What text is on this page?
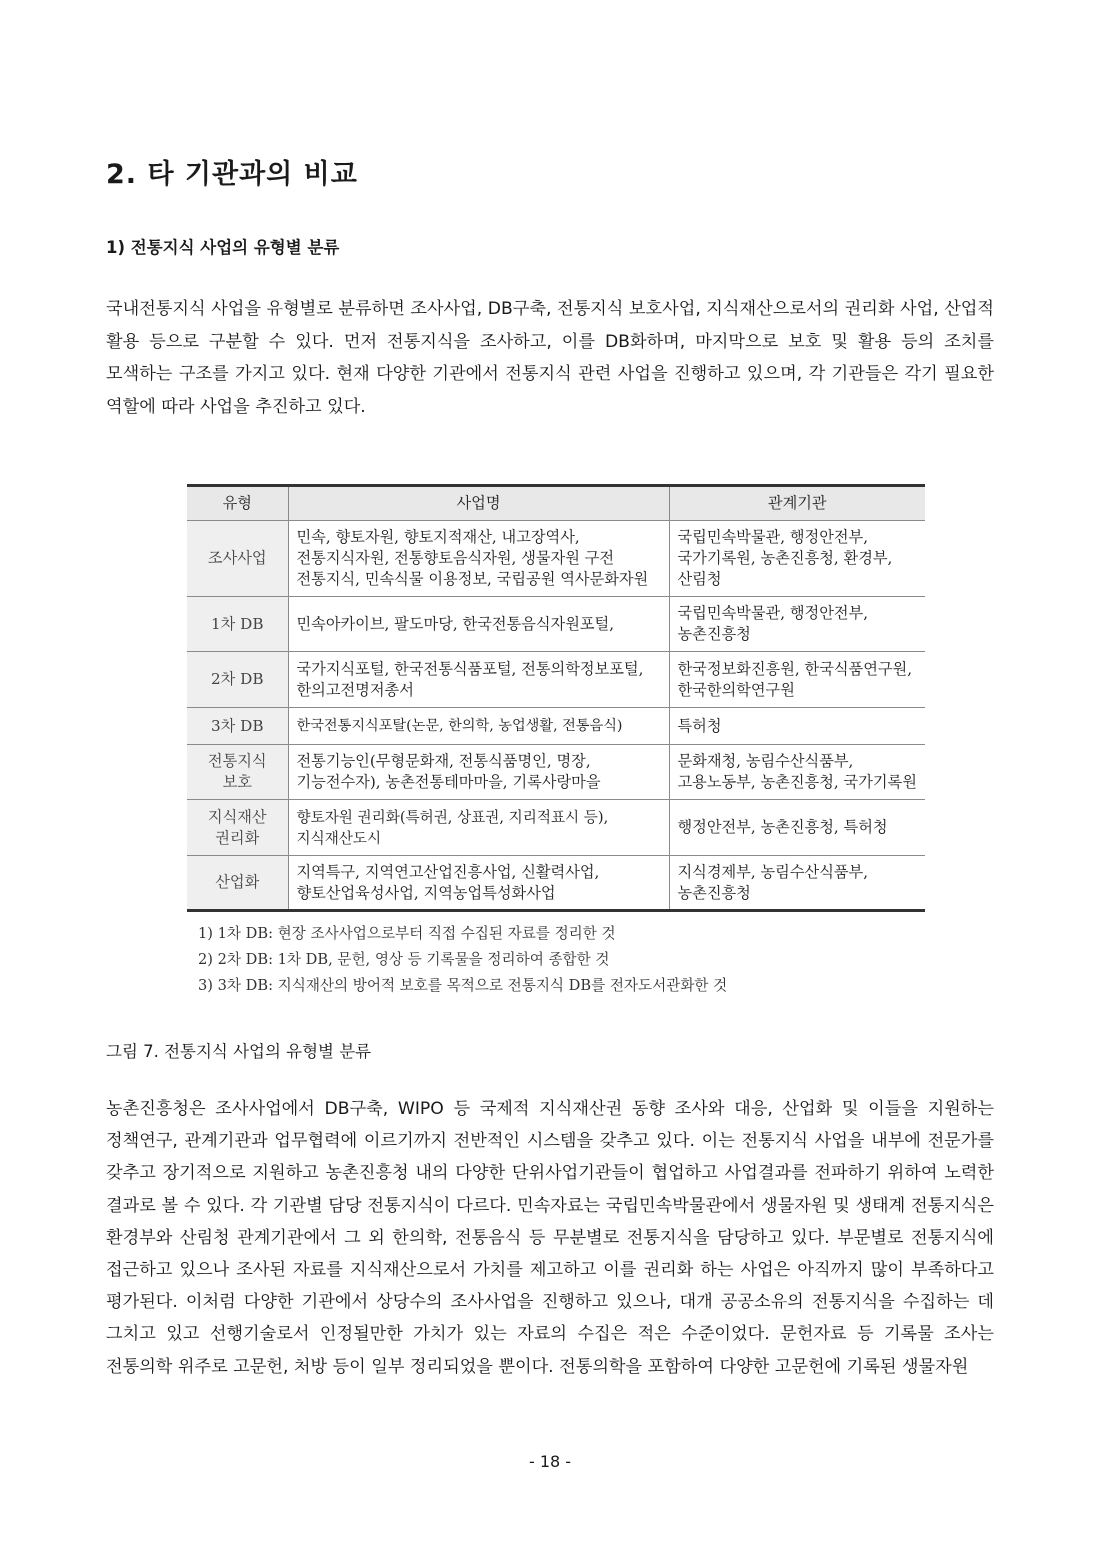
2. 타 기관과의 비교
1) 전통지식 사업의 유형별 분류

국내전통지식 사업을 유형별로 분류하면 조사사업, DB구축, 전통지식 보호사업, 지식재산으로서의 권리화 사업, 산업적 활용 등으로 구분할 수 있다. 먼저 전통지식을 조사하고, 이를 DB화하며, 마지막으로 보호 및 활용 등의 조치를 모색하는 구조를 가지고 있다. 현재 다양한 기관에서 전통지식 관련 사업을 진행하고 있으며, 각 기관들은 각기 필요한 역할에 따라 사업을 추진하고 있다.

유형	사업명	관계기관
조사사업	민속, 향토자원, 향토지적재산, 내고장역사, 전통지식자원, 전통향토음식자원, 생물자원 구전 전통지식, 민속식물 이용정보, 국립공원 역사문화자원	국립민속박물관, 행정안전부, 국가기록원, 농촌진흥청, 환경부, 산림청
1차 DB	민속아카이브, 팔도마당, 한국전통음식자원포털,	국립민속박물관, 행정안전부, 농촌진흥청
2차 DB	국가지식포털, 한국전통식품포털, 전통의학정보포털, 한의고전명저총서	한국정보화진흥원, 한국식품연구원, 한국한의학연구원
3차 DB	한국전통지식포탈(논문, 한의학, 농업생활, 전통음식)	특허청
전통지식 보호	전통기능인(무형문화재, 전통식품명인, 명장, 기능전수자), 농촌전통테마마을, 기록사랑마을	문화재청, 농림수산식품부, 고용노동부, 농촌진흥청, 국가기록원
지식재산 권리화	향토자원 권리화(특허권, 상표권, 지리적표시 등), 지식재산도시	행정안전부, 농촌진흥청, 특허청
산업화	지역특구, 지역연고산업진흥사업, 신활력사업, 향토산업육성사업, 지역농업특성화사업	지식경제부, 농림수산식품부, 농촌진흥청
1) 1차 DB: 현장 조사사업으로부터 직접 수집된 자료를 정리한 것
2) 2차 DB: 1차 DB, 문헌, 영상 등 기록물을 정리하여 종합한 것
3) 3차 DB: 지식재산의 방어적 보호를 목적으로 전통지식 DB를 전자도서관화한 것

그림 7. 전통지식 사업의 유형별 분류

농촌진흥청은 조사사업에서 DB구축, WIPO 등 국제적 지식재산권 동향 조사와 대응, 산업화 및 이들을 지원하는 정책연구, 관계기관과 업무협력에 이르기까지 전반적인 시스템을 갖추고 있다. 이는 전통지식 사업을 내부에 전문가를 갖추고 장기적으로 지원하고 농촌진흥청 내의 다양한 단위사업기관들이 협업하고 사업결과를 전파하기 위하여 노력한 결과로 볼 수 있다. 각 기관별 담당 전통지식이 다르다. 민속자료는 국립민속박물관에서 생물자원 및 생태계 전통지식은 환경부와 산림청 관계기관에서 그 외 한의학, 전통음식 등 무분별로 전통지식을 담당하고 있다. 부문별로 전통지식에 접근하고 있으나 조사된 자료를 지식재산으로서 가치를 제고하고 이를 권리화 하는 사업은 아직까지 많이 부족하다고 평가된다. 이처럼 다양한 기관에서 상당수의 조사사업을 진행하고 있으나, 대개 공공소유의 전통지식을 수집하는 데 그치고 있고 선행기술로서 인정될만한 가치가 있는 자료의 수집은 적은 수준이었다. 문헌자료 등 기록물 조사는 전통의학 위주로 고문헌, 처방 등이 일부 정리되었을 뿐이다. 전통의학을 포함하여 다양한 고문헌에 기록된 생물자원

- 18 -
